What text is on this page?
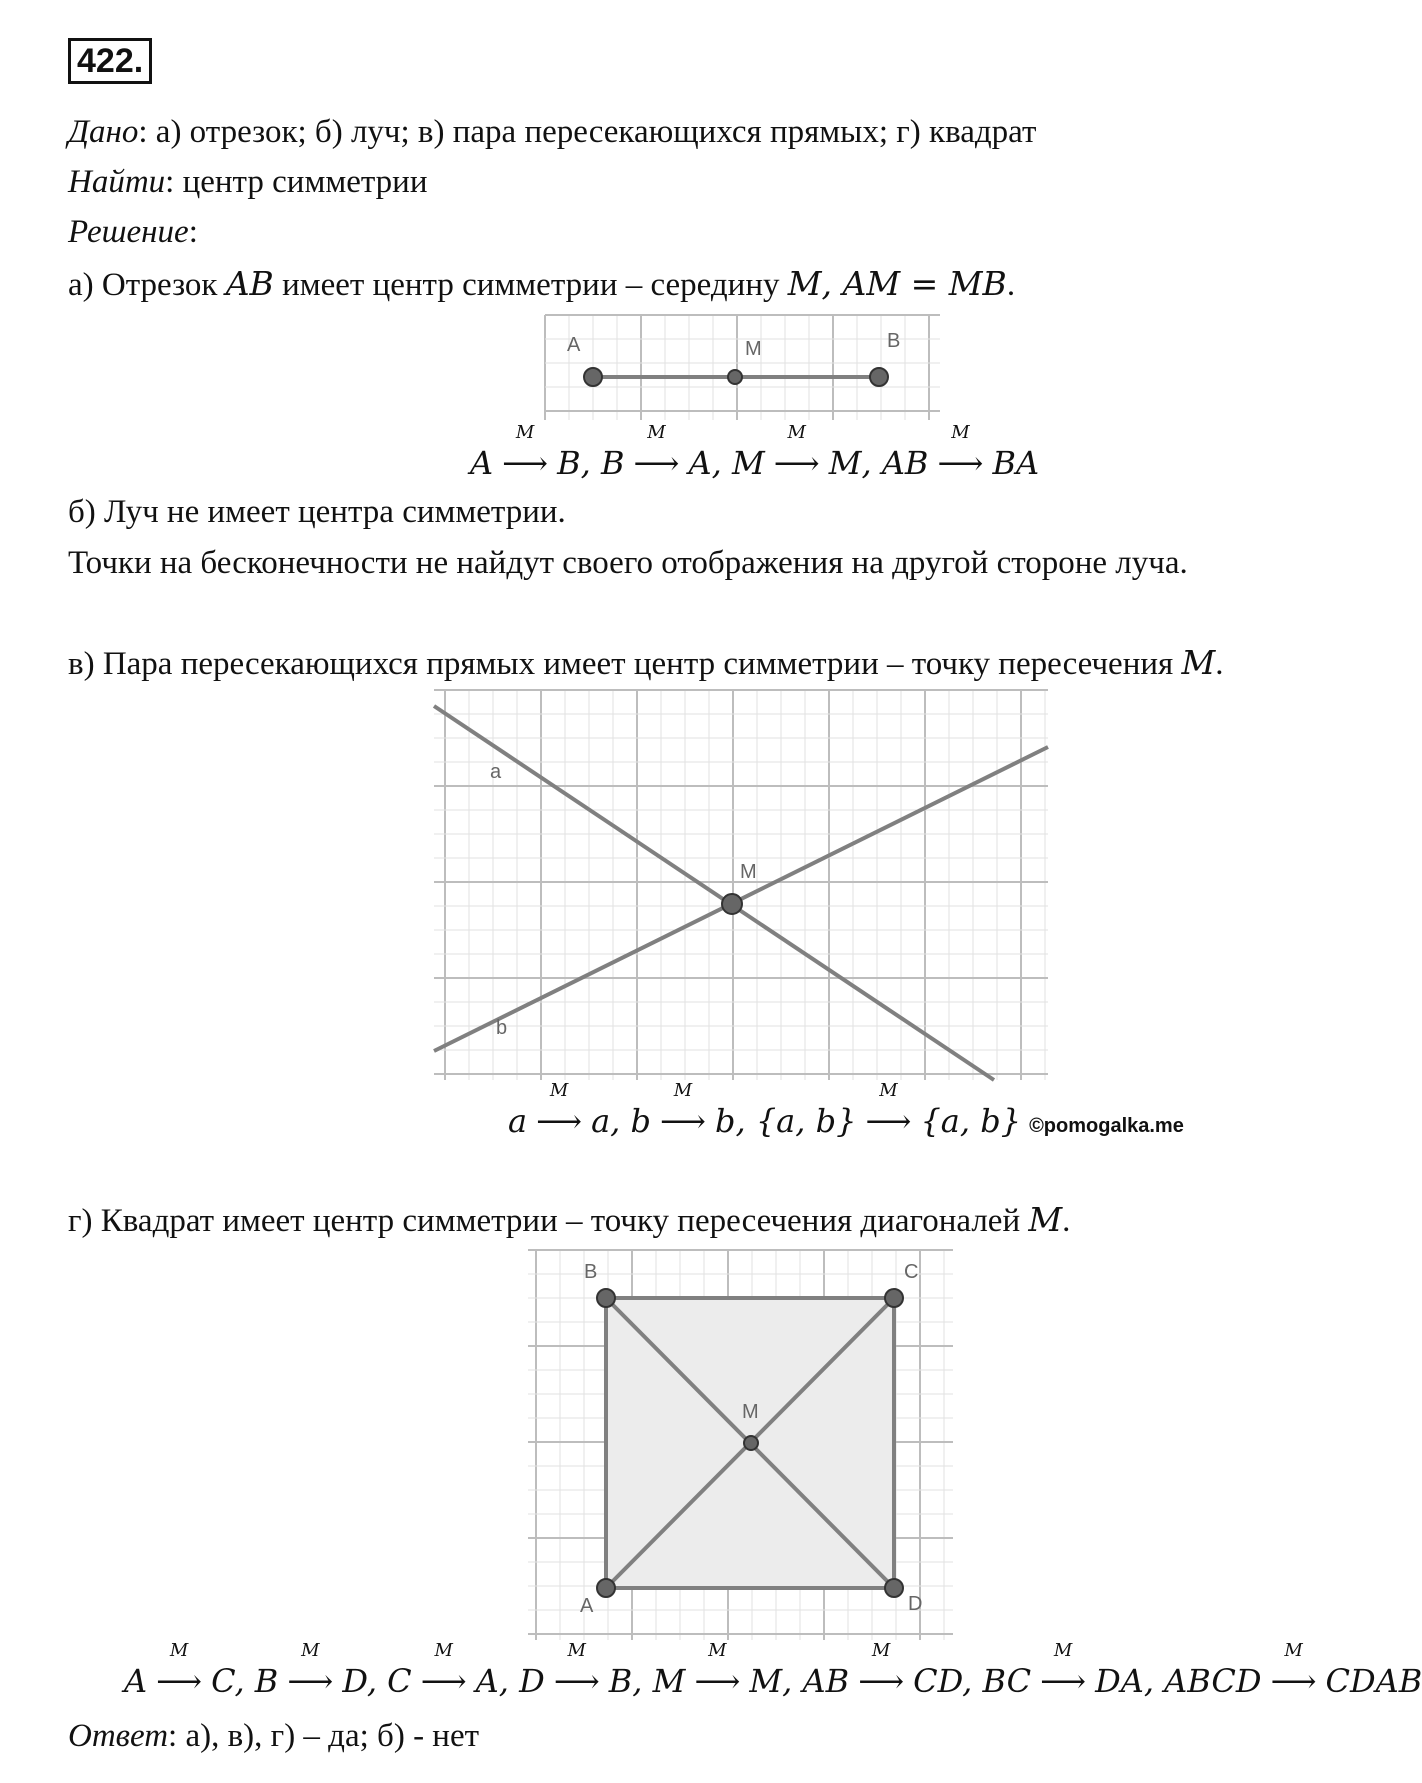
422.
Дано: а) отрезок; б) луч; в) пара пересекающихся прямых; г) квадрат
Найти: центр симметрии
Решение:
а) Отрезок AB имеет центр симметрии – середину M, AM = MB.
A	M	B
A
M
⟶ B, B
M
⟶ A, M
M
⟶ M, AB
M
⟶ BA
б) Луч не имеет центра симметрии.
Точки на бесконечности не найдут своего отображения на другой стороне луча.
в) Пара пересекающихся прямых имеет центр симметрии – точку пересечения M.
a
b
M
a
M
⟶ a, b
M
⟶ b, {a, b}
M
⟶ {a, b} ©pomogalka.me
г) Квадрат имеет центр симметрии – точку пересечения диагоналей M.
A
B	C
D
M
A
M
⟶ C, B
M
⟶ D, C
M
⟶ A, D
M
⟶ B, M
M
⟶ M, AB
M
⟶ CD, BC
M
⟶ DA, ABCD
M
⟶ CDAB
Ответ: а), в), г) – да; б) - нет
